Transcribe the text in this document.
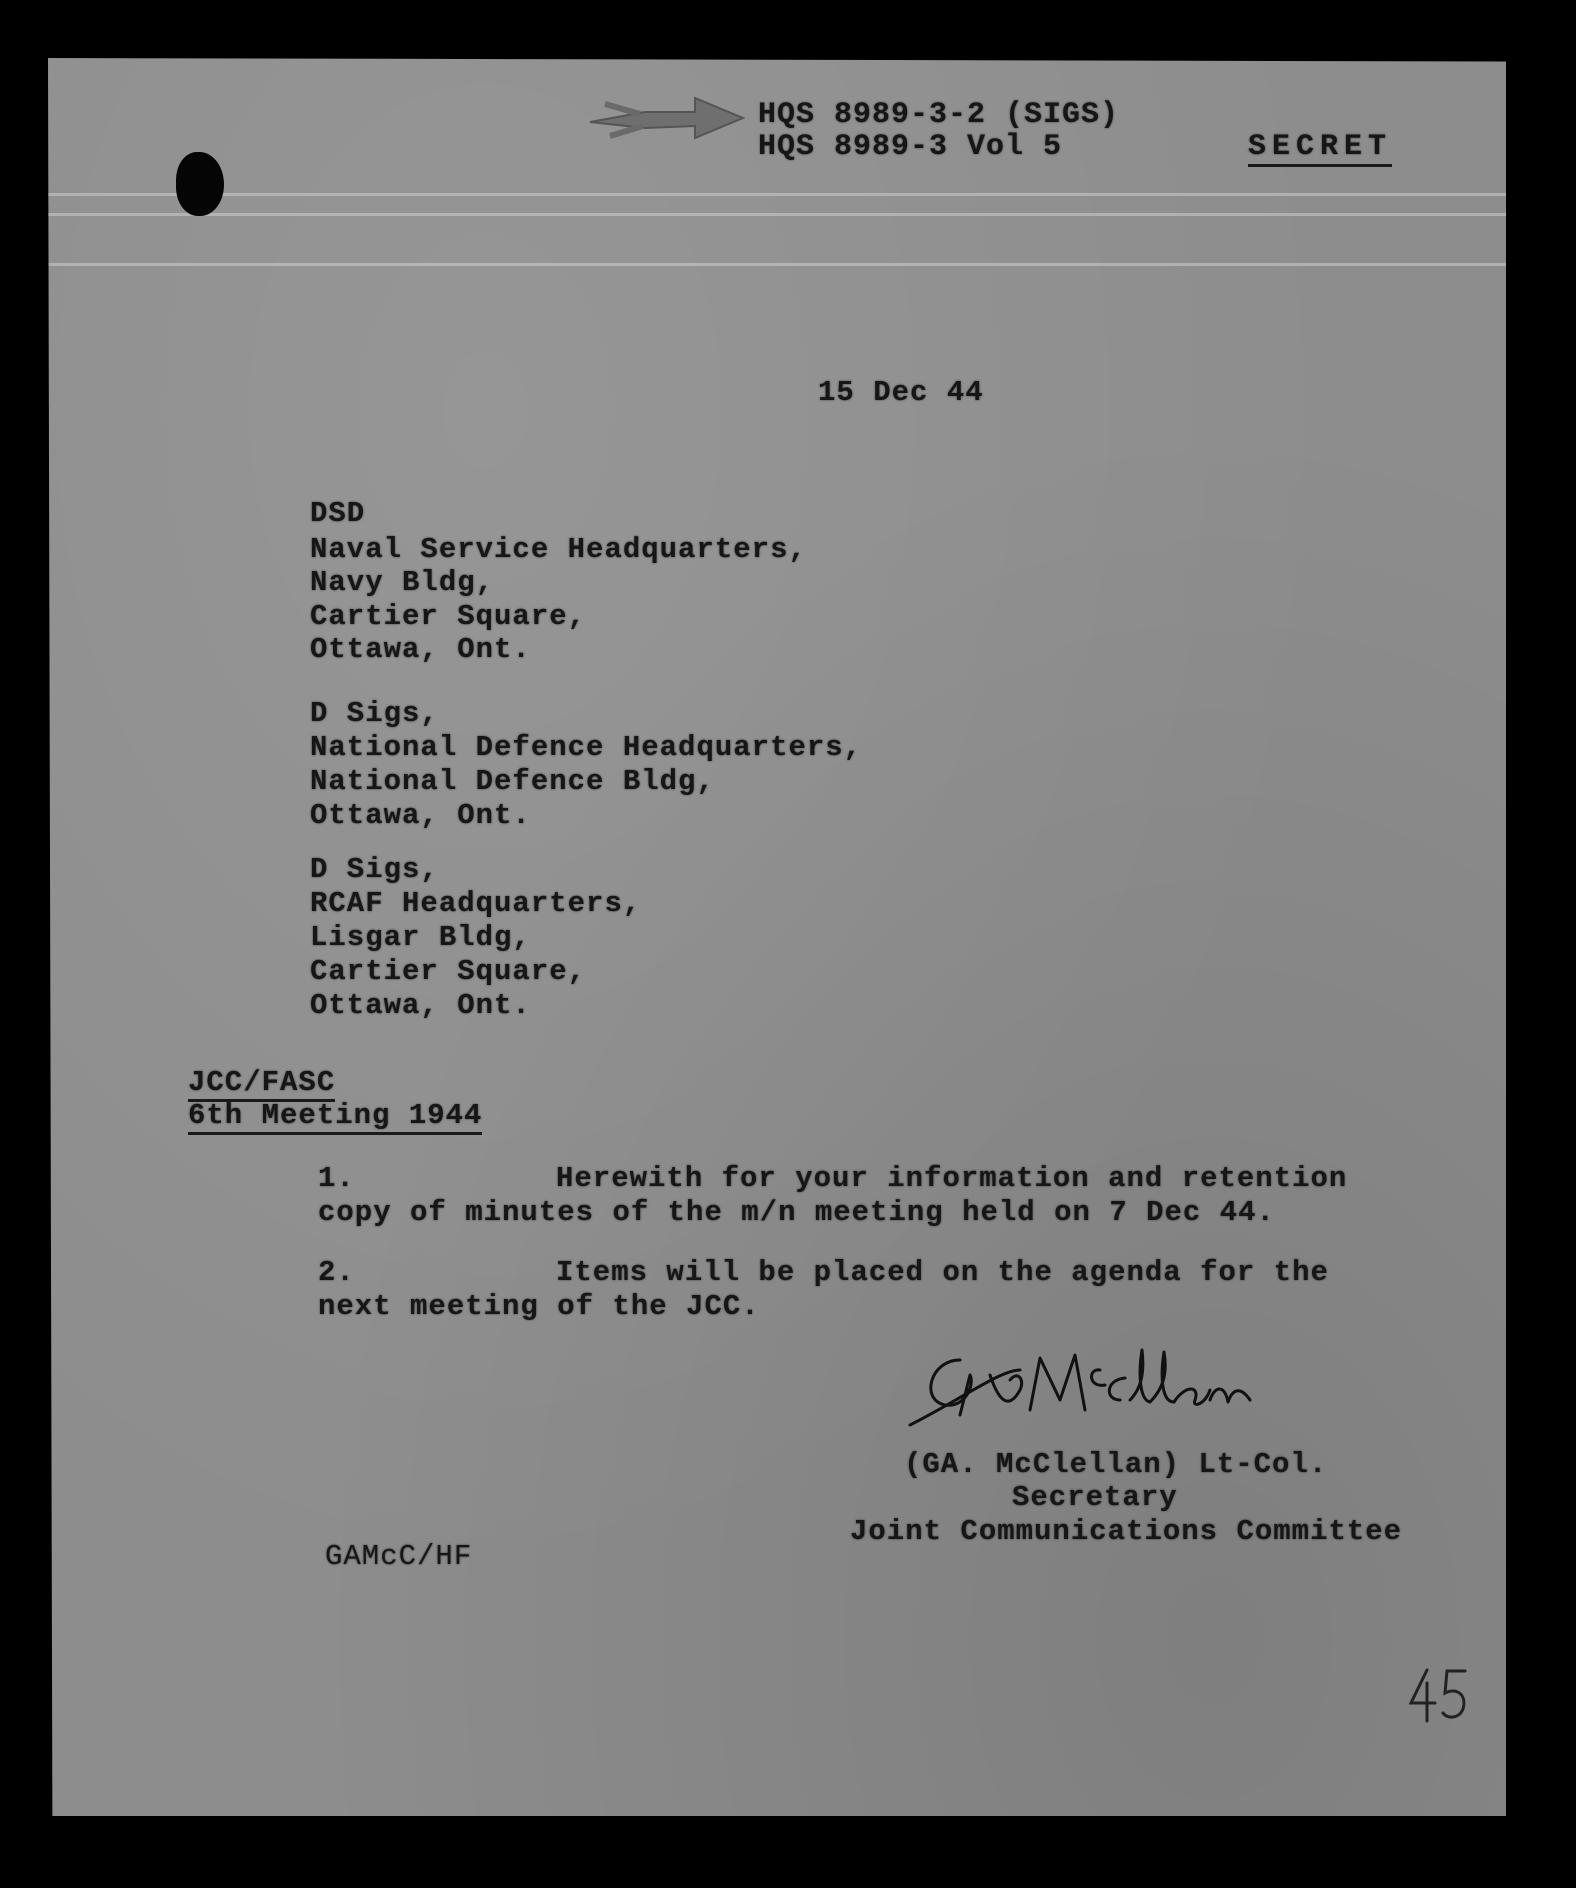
HQS 8989-3-2 (SIGS)
HQS 8989-3 Vol 5	SECRET
15 Dec 44
DSD
Naval Service Headquarters,
Navy Bldg,
Cartier Square,
Ottawa, Ont.
D Sigs,
National Defence Headquarters,
National Defence Bldg,
Ottawa, Ont.
D Sigs,
RCAF Headquarters,
Lisgar Bldg,
Cartier Square,
Ottawa, Ont.
JCC/FASC
6th Meeting 1944
1.	Herewith for your information and retention
copy of minutes of the m/n meeting held on 7 Dec 44.
2.	Items will be placed on the agenda for the
next meeting of the JCC.
(GA. McClellan) Lt-Col.
Secretary
Joint Communications Committee
GAMcC/HF
